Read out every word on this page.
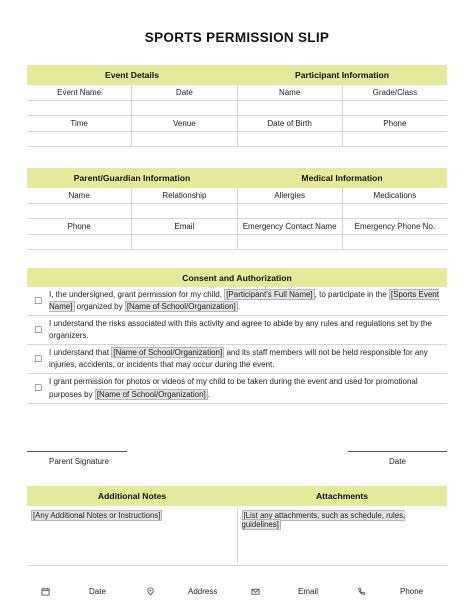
SPORTS PERMISSION SLIP
Event Details	Participant Information
Event Name	Date	Name	Grade/Class
Time	Venue	Date of Birth	Phone
Parent/Guardian Information	Medical Information
Name	Relationship	Allergies	Medications
Phone	Email	Emergency Contact Name	Emergency Phone No.
Consent and Authorization
☐
I, the undersigned, grant permission for my child, [Participant's Full Name] , to participate in the [Sports Event Name] organized by [Name of School/Organization] .
☐
I understand the risks associated with this activity and agree to abide by any rules and regulations set by the organizers.
☐
I understand that [Name of School/Organization] and its staff members will not be held responsible for any injuries, accidents, or incidents that may occur during the event.
☐
I grant permission for photos or videos of my child to be taken during the event and used for promotional purposes by [Name of School/Organization] .
Parent Signature	Date
Additional Notes	Attachments
[Any Additional Notes or Instructions]	[List any attachments, such as schedule, rules, guidelines]
Date	Address	Email	Phone
